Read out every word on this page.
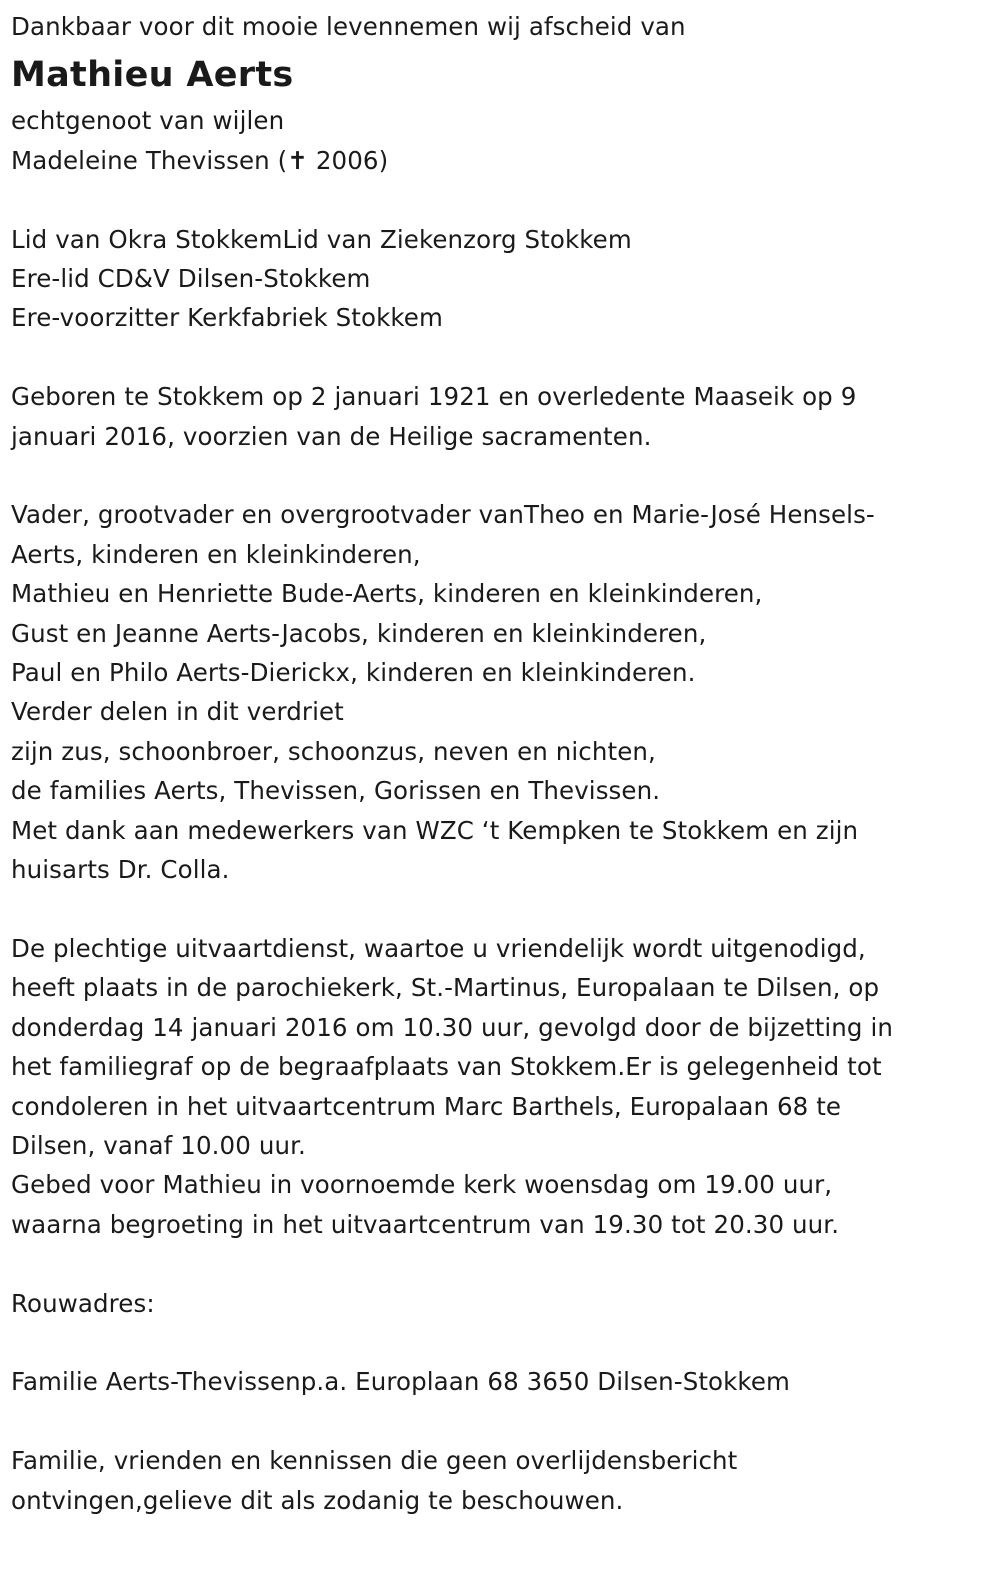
Dankbaar voor dit mooie levennemen wij afscheid van
Mathieu Aerts
echtgenoot van wijlen
Madeleine Thevissen (✝ 2006)
Lid van Okra StokkemLid van Ziekenzorg Stokkem
Ere-lid CD&V Dilsen-Stokkem
Ere-voorzitter Kerkfabriek Stokkem
Geboren te Stokkem op 2 januari 1921 en overledente Maaseik op 9
januari 2016, voorzien van de Heilige sacramenten.
Vader, grootvader en overgrootvader vanTheo en Marie-José Hensels-
Aerts, kinderen en kleinkinderen,
Mathieu en Henriette Bude-Aerts, kinderen en kleinkinderen,
Gust en Jeanne Aerts-Jacobs, kinderen en kleinkinderen,
Paul en Philo Aerts-Dierickx, kinderen en kleinkinderen.
Verder delen in dit verdriet
zijn zus, schoonbroer, schoonzus, neven en nichten,
de families Aerts, Thevissen, Gorissen en Thevissen.
Met dank aan medewerkers van WZC ‘t Kempken te Stokkem en zijn
huisarts Dr. Colla.
De plechtige uitvaartdienst, waartoe u vriendelijk wordt uitgenodigd,
heeft plaats in de parochiekerk, St.-Martinus, Europalaan te Dilsen, op
donderdag 14 januari 2016 om 10.30 uur, gevolgd door de bijzetting in
het familiegraf op de begraafplaats van Stokkem.Er is gelegenheid tot
condoleren in het uitvaartcentrum Marc Barthels, Europalaan 68 te
Dilsen, vanaf 10.00 uur.
Gebed voor Mathieu in voornoemde kerk woensdag om 19.00 uur,
waarna begroeting in het uitvaartcentrum van 19.30 tot 20.30 uur.
Rouwadres:
Familie Aerts-Thevissenp.a. Europlaan 68 3650 Dilsen-Stokkem
Familie, vrienden en kennissen die geen overlijdensbericht
ontvingen,gelieve dit als zodanig te beschouwen.
